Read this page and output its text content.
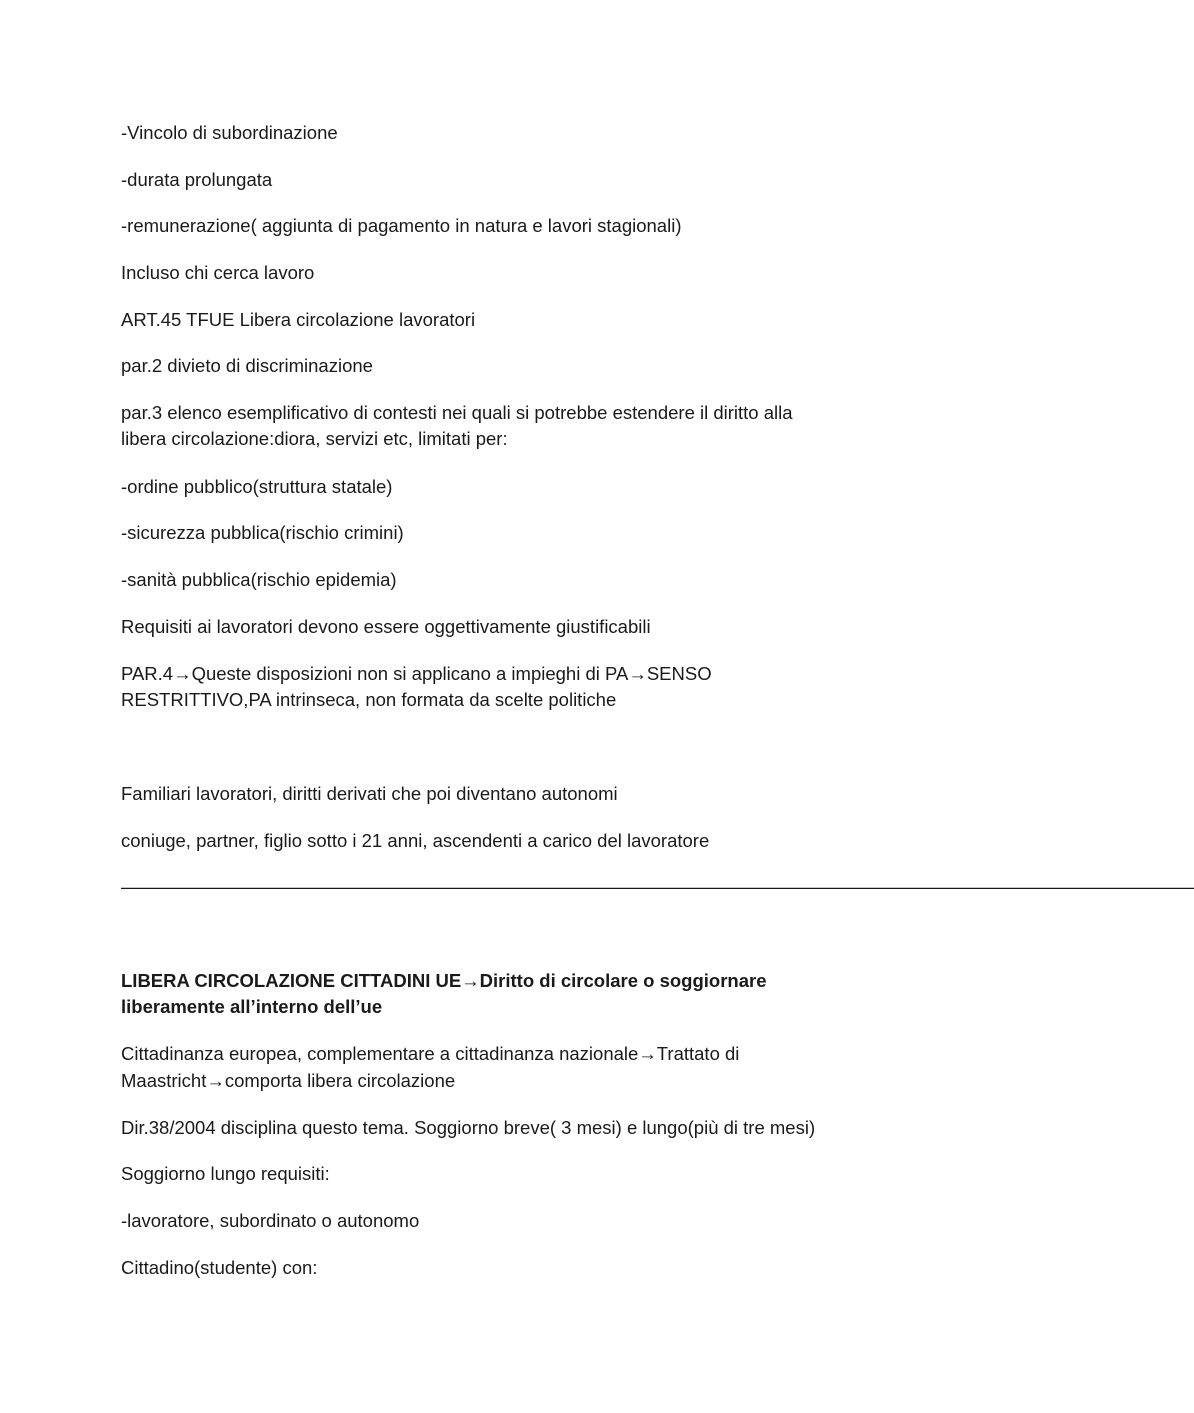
-Vincolo di subordinazione

-durata prolungata

-remunerazione( aggiunta di pagamento in natura e lavori stagionali)

Incluso chi cerca lavoro

ART.45 TFUE Libera circolazione lavoratori

par.2 divieto di discriminazione

par.3 elenco esemplificativo di contesti nei quali si potrebbe estendere il diritto alla

libera circolazione:diora, servizi etc, limitati per:

-ordine pubblico(struttura statale)

-sicurezza pubblica(rischio crimini)

-sanità pubblica(rischio epidemia)

Requisiti ai lavoratori devono essere oggettivamente giustificabili

PAR.4→Queste disposizioni non si applicano a impieghi di PA→SENSO

RESTRITTIVO,PA intrinseca, non formata da scelte politiche

Familiari lavoratori, diritti derivati che poi diventano autonomi

coniuge, partner, figlio sotto i 21 anni, ascendenti a carico del lavoratore

——————————————————————————————————————————————————————————

LIBERA CIRCOLAZIONE CITTADINI UE→Diritto di circolare o soggiornare

liberamente all’interno dell’ue

Cittadinanza europea, complementare a cittadinanza nazionale→Trattato di

Maastricht→comporta libera circolazione

Dir.38/2004 disciplina questo tema. Soggiorno breve( 3 mesi) e lungo(più di tre mesi)

Soggiorno lungo requisiti:

-lavoratore, subordinato o autonomo

Cittadino(studente) con:
